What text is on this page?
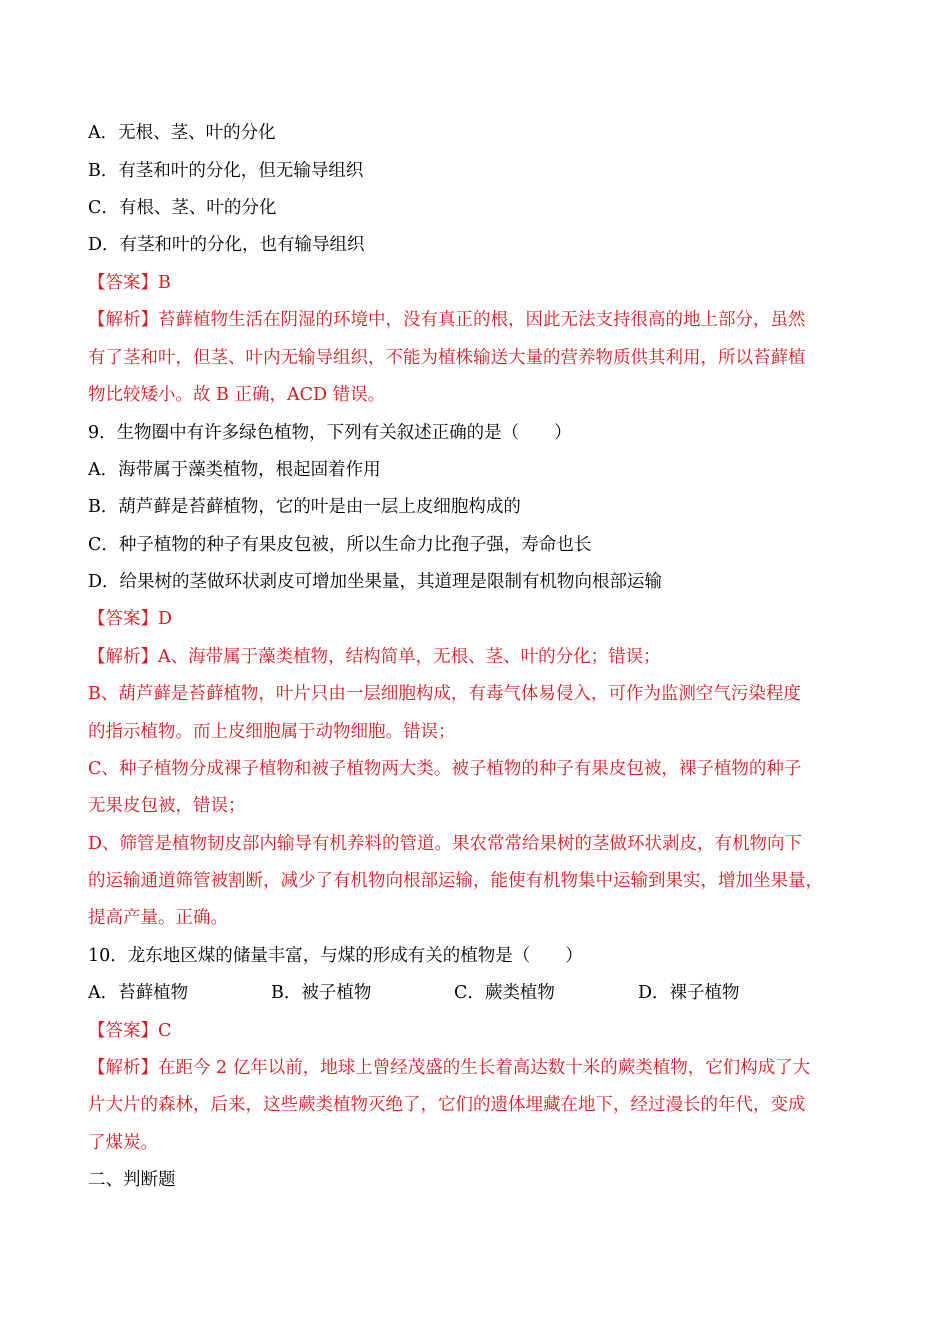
A．无根、茎、叶的分化
B．有茎和叶的分化，但无输导组织
C．有根、茎、叶的分化
D．有茎和叶的分化，也有输导组织
【答案】B
【解析】苔藓植物生活在阴湿的环境中，没有真正的根，因此无法支持很高的地上部分，虽然
有了茎和叶，但茎、叶内无输导组织，不能为植株输送大量的营养物质供其利用，所以苔藓植
物比较矮小。故 B 正确，ACD 错误。
9．生物圈中有许多绿色植物，下列有关叙述正确的是（　　）
A．海带属于藻类植物，根起固着作用
B．葫芦藓是苔藓植物，它的叶是由一层上皮细胞构成的
C．种子植物的种子有果皮包被，所以生命力比孢子强，寿命也长
D．给果树的茎做环状剥皮可增加坐果量，其道理是限制有机物向根部运输
【答案】D
【解析】A、海带属于藻类植物，结构简单，无根、茎、叶的分化；错误；
B、葫芦藓是苔藓植物，叶片只由一层细胞构成，有毒气体易侵入，可作为监测空气污染程度
的指示植物。而上皮细胞属于动物细胞。错误；
C、种子植物分成裸子植物和被子植物两大类。被子植物的种子有果皮包被，裸子植物的种子
无果皮包被，错误；
D、筛管是植物韧皮部内输导有机养料的管道。果农常常给果树的茎做环状剥皮，有机物向下
的运输通道筛管被割断，减少了有机物向根部运输，能使有机物集中运输到果实，增加坐果量，
提高产量。正确。
10．龙东地区煤的储量丰富，与煤的形成有关的植物是（　　）
A．苔藓植物	B．被子植物	C．蕨类植物	D．裸子植物
【答案】C
【解析】在距今 2 亿年以前，地球上曾经茂盛的生长着高达数十米的蕨类植物，它们构成了大
片大片的森林，后来，这些蕨类植物灭绝了，它们的遗体埋藏在地下，经过漫长的年代，变成
了煤炭。
二、判断题
